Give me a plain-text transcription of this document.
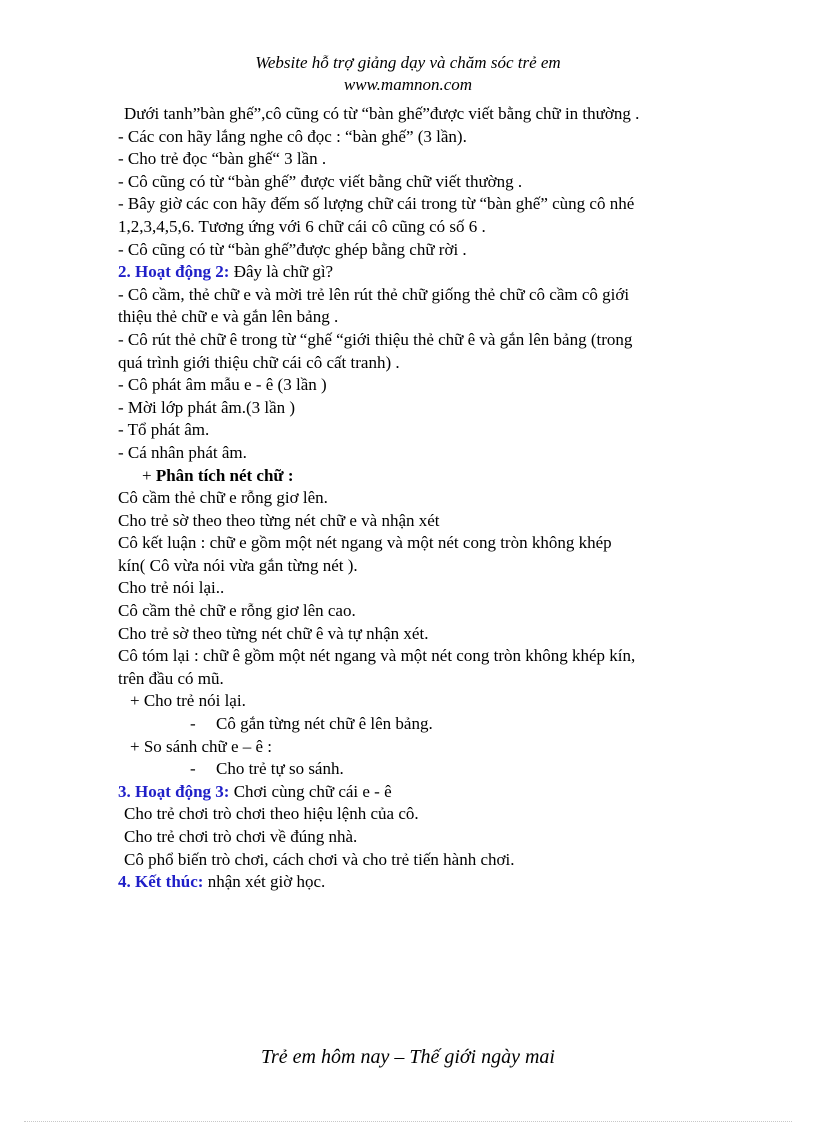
Website hỗ trợ giảng dạy và chăm sóc trẻ em
www.mamnon.com
Dưới tanh”bàn ghế”,cô cũng có từ “bàn ghế”được viết bằng chữ in thường .
- Các con hãy lắng nghe cô đọc : “bàn ghế” (3 lần).
- Cho trẻ đọc “bàn ghế“ 3 lần .
- Cô cũng có từ “bàn ghế” được viết bằng chữ viết thường .
- Bây giờ các con hãy đếm số lượng chữ cái trong từ “bàn ghế” cùng cô nhé
1,2,3,4,5,6. Tương ứng với 6 chữ cái cô cũng có số 6 .
- Cô cũng có từ “bàn ghế”được ghép bằng chữ rời .
2. Hoạt động 2: Đây là chữ gì?
- Cô cầm, thẻ chữ e và mời trẻ lên rút thẻ chữ giống thẻ chữ cô cầm cô giới
thiệu thẻ chữ e và gắn lên bảng .
- Cô rút thẻ chữ ê trong từ “ghế “giới thiệu thẻ chữ ê và gắn lên bảng (trong
quá trình giới thiệu chữ cái cô cất tranh) .
- Cô phát âm mẫu e - ê (3 lần )
- Mời lớp phát âm.(3 lần )
- Tổ phát âm.
- Cá nhân phát âm.
+ Phân tích nét chữ :
Cô cầm thẻ chữ e rỗng giơ lên.
Cho trẻ sờ theo theo từng nét chữ e và nhận xét
Cô kết luận : chữ e gồm một nét ngang và một nét cong tròn không khép
kín( Cô vừa nói vừa gắn từng nét ).
Cho trẻ nói lại..
Cô cầm thẻ chữ e rỗng giơ lên cao.
Cho trẻ sờ theo từng nét chữ ê và tự nhận xét.
Cô tóm lại : chữ ê gồm một nét ngang và một nét cong tròn không khép kín,
trên đầu có mũ.
+ Cho trẻ nói lại.
- Cô gắn từng nét chữ ê lên bảng.
+ So sánh chữ e – ê :
- Cho trẻ tự so sánh.
3. Hoạt động 3: Chơi cùng chữ cái e - ê
Cho trẻ chơi trò chơi theo hiệu lệnh của cô.
Cho trẻ chơi trò chơi về đúng nhà.
Cô phổ biến trò chơi, cách chơi và cho trẻ tiến hành chơi.
4. Kết thúc: nhận xét giờ học.
Trẻ em hôm nay – Thế giới ngày mai
